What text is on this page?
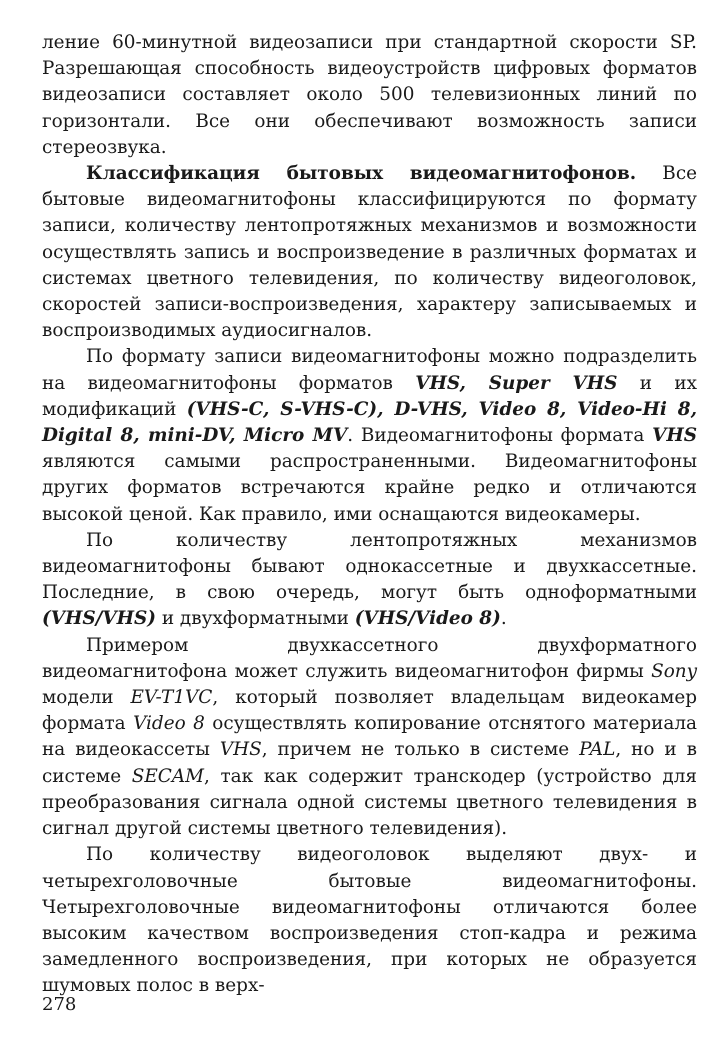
ление 60-минутной видеозаписи при стандартной скорости SP. Разрешающая способность видеоустройств цифровых форматов видеозаписи составляет около 500 телевизионных линий по горизонтали. Все они обеспечивают возможность записи стереозвука.

Классификация бытовых видеомагнитофонов. Все бытовые видеомагнитофоны классифицируются по формату записи, количеству лентопротяжных механизмов и возможности осуществлять запись и воспроизведение в различных форматах и системах цветного телевидения, по количеству видеоголовок, скоростей записи-воспроизведения, характеру записываемых и воспроизводимых аудиосигналов.

По формату записи видеомагнитофоны можно подразделить на видеомагнитофоны форматов VHS, Super VHS и их модификаций (VHS-C, S-VHS-C), D-VHS, Video 8, Video-Hi 8, Digital 8, mini-DV, Micro MV. Видеомагнитофоны формата VHS являются самыми распространенными. Видеомагнитофоны других форматов встречаются крайне редко и отличаются высокой ценой. Как правило, ими оснащаются видеокамеры.

По количеству лентопротяжных механизмов видеомагнитофоны бывают однокассетные и двухкассетные. Последние, в свою очередь, могут быть одноформатными (VHS/VHS) и двухформатными (VHS/Video 8).

Примером двухкассетного двухформатного видеомагнитофона может служить видеомагнитофон фирмы Sony модели EV-T1VC, который позволяет владельцам видеокамер формата Video 8 осуществлять копирование отснятого материала на видеокассеты VHS, причем не только в системе PAL, но и в системе SECAM, так как содержит транскодер (устройство для преобразования сигнала одной системы цветного телевидения в сигнал другой системы цветного телевидения).

По количеству видеоголовок выделяют двух- и четырехголовочные бытовые видеомагнитофоны. Четырехголовочные видеомагнитофоны отличаются более высоким качеством воспроизведения стоп-кадра и режима замедленного воспроизведения, при которых не образуется шумовых полос в верх-

278
